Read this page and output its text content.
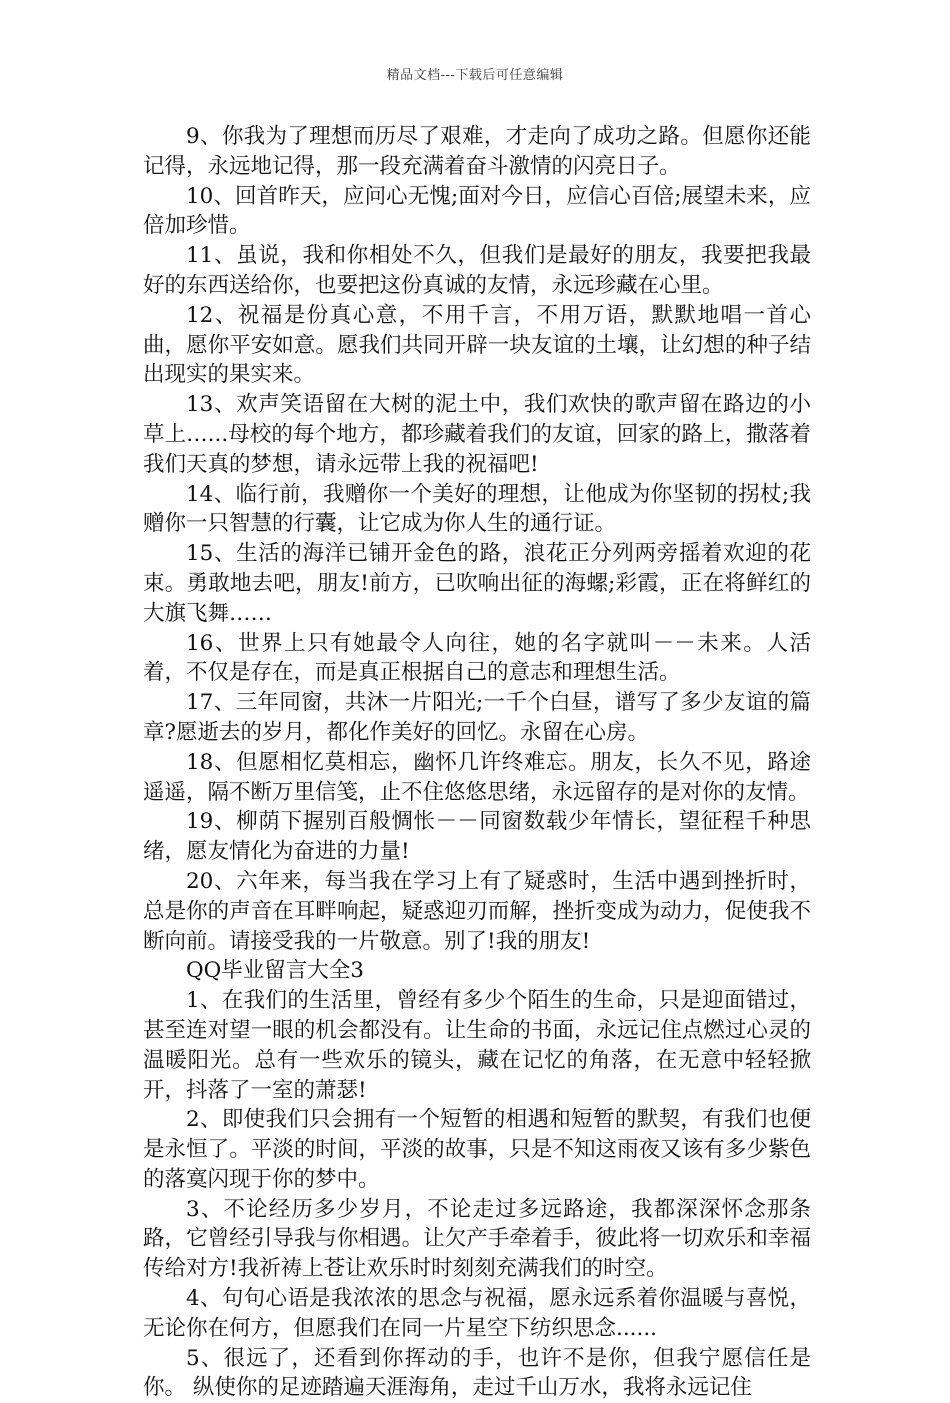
精品文档---下载后可任意编辑

9、你我为了理想而历尽了艰难，才走向了成功之路。但愿你还能记得，永远地记得，那一段充满着奋斗激情的闪亮日子。

10、回首昨天，应问心无愧;面对今日，应信心百倍;展望未来，应倍加珍惜。

11、虽说，我和你相处不久，但我们是最好的朋友，我要把我最好的东西送给你，也要把这份真诚的友情，永远珍藏在心里。

12、祝福是份真心意，不用千言，不用万语，默默地唱一首心曲，愿你平安如意。愿我们共同开辟一块友谊的土壤，让幻想的种子结出现实的果实来。

13、欢声笑语留在大树的泥土中，我们欢快的歌声留在路边的小草上…...母校的每个地方，都珍藏着我们的友谊，回家的路上，撒落着我们天真的梦想，请永远带上我的祝福吧!

14、临行前，我赠你一个美好的理想，让他成为你坚韧的拐杖;我赠你一只智慧的行囊，让它成为你人生的通行证。

15、生活的海洋已铺开金色的路，浪花正分列两旁摇着欢迎的花束。勇敢地去吧，朋友!前方，已吹响出征的海螺;彩霞，正在将鲜红的大旗飞舞……

16、世界上只有她最令人向往，她的名字就叫－－未来。人活着，不仅是存在，而是真正根据自己的意志和理想生活。

17、三年同窗，共沐一片阳光;一千个白昼，谱写了多少友谊的篇章?愿逝去的岁月，都化作美好的回忆。永留在心房。

18、但愿相忆莫相忘，幽怀几许终难忘。朋友，长久不见，路途遥遥，隔不断万里信笺，止不住悠悠思绪，永远留存的是对你的友情。

19、柳荫下握别百般惆怅－－同窗数载少年情长，望征程千种思绪，愿友情化为奋进的力量!

20、六年来，每当我在学习上有了疑惑时，生活中遇到挫折时，总是你的声音在耳畔响起，疑惑迎刃而解，挫折变成为动力，促使我不断向前。请接受我的一片敬意。别了!我的朋友!

QQ毕业留言大全3

1、在我们的生活里，曾经有多少个陌生的生命，只是迎面错过，甚至连对望一眼的机会都没有。让生命的书面，永远记住点燃过心灵的温暖阳光。总有一些欢乐的镜头，藏在记忆的角落，在无意中轻轻掀开，抖落了一室的萧瑟!

2、即使我们只会拥有一个短暂的相遇和短暂的默契，有我们也便是永恒了。平淡的时间，平淡的故事，只是不知这雨夜又该有多少紫色的落寞闪现于你的梦中。

3、不论经历多少岁月，不论走过多远路途，我都深深怀念那条路，它曾经引导我与你相遇。让欠产手牵着手，彼此将一切欢乐和幸福传给对方!我祈祷上苍让欢乐时时刻刻充满我们的时空。

4、句句心语是我浓浓的思念与祝福，愿永远系着你温暖与喜悦，无论你在何方，但愿我们在同一片星空下纺织思念......

5、很远了，还看到你挥动的手，也许不是你，但我宁愿信任是你。 纵使你的足迹踏遍天涯海角，走过千山万水，我将永远记住
